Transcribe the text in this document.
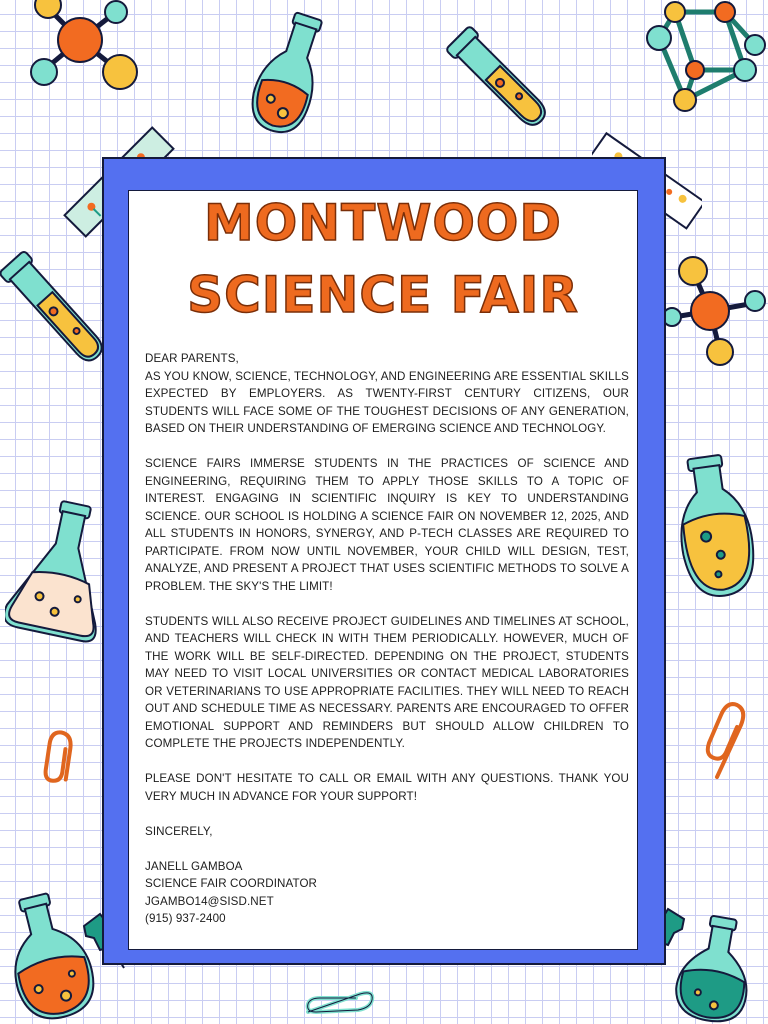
MONTWOOD
SCIENCE FAIR

DEAR PARENTS,

AS YOU KNOW, SCIENCE, TECHNOLOGY, AND ENGINEERING ARE ESSENTIAL SKILLS EXPECTED BY EMPLOYERS. AS TWENTY-FIRST CENTURY CITIZENS, OUR STUDENTS WILL FACE SOME OF THE TOUGHEST DECISIONS OF ANY GENERATION, BASED ON THEIR UNDERSTANDING OF EMERGING SCIENCE AND TECHNOLOGY.

SCIENCE FAIRS IMMERSE STUDENTS IN THE PRACTICES OF SCIENCE AND ENGINEERING, REQUIRING THEM TO APPLY THOSE SKILLS TO A TOPIC OF INTEREST. ENGAGING IN SCIENTIFIC INQUIRY IS KEY TO UNDERSTANDING SCIENCE. OUR SCHOOL IS HOLDING A SCIENCE FAIR ON NOVEMBER 12, 2025, AND ALL STUDENTS IN HONORS, SYNERGY, AND P-TECH CLASSES ARE REQUIRED TO PARTICIPATE. FROM NOW UNTIL NOVEMBER, YOUR CHILD WILL DESIGN, TEST, ANALYZE, AND PRESENT A PROJECT THAT USES SCIENTIFIC METHODS TO SOLVE A PROBLEM. THE SKY'S THE LIMIT!

STUDENTS WILL ALSO RECEIVE PROJECT GUIDELINES AND TIMELINES AT SCHOOL, AND TEACHERS WILL CHECK IN WITH THEM PERIODICALLY. HOWEVER, MUCH OF THE WORK WILL BE SELF-DIRECTED. DEPENDING ON THE PROJECT, STUDENTS MAY NEED TO VISIT LOCAL UNIVERSITIES OR CONTACT MEDICAL LABORATORIES OR VETERINARIANS TO USE APPROPRIATE FACILITIES. THEY WILL NEED TO REACH OUT AND SCHEDULE TIME AS NECESSARY. PARENTS ARE ENCOURAGED TO OFFER EMOTIONAL SUPPORT AND REMINDERS BUT SHOULD ALLOW CHILDREN TO COMPLETE THE PROJECTS INDEPENDENTLY.

PLEASE DON'T HESITATE TO CALL OR EMAIL WITH ANY QUESTIONS. THANK YOU VERY MUCH IN ADVANCE FOR YOUR SUPPORT!

SINCERELY,

JANELL GAMBOA

SCIENCE FAIR COORDINATOR

JGAMBO14@SISD.NET

(915) 937-2400
